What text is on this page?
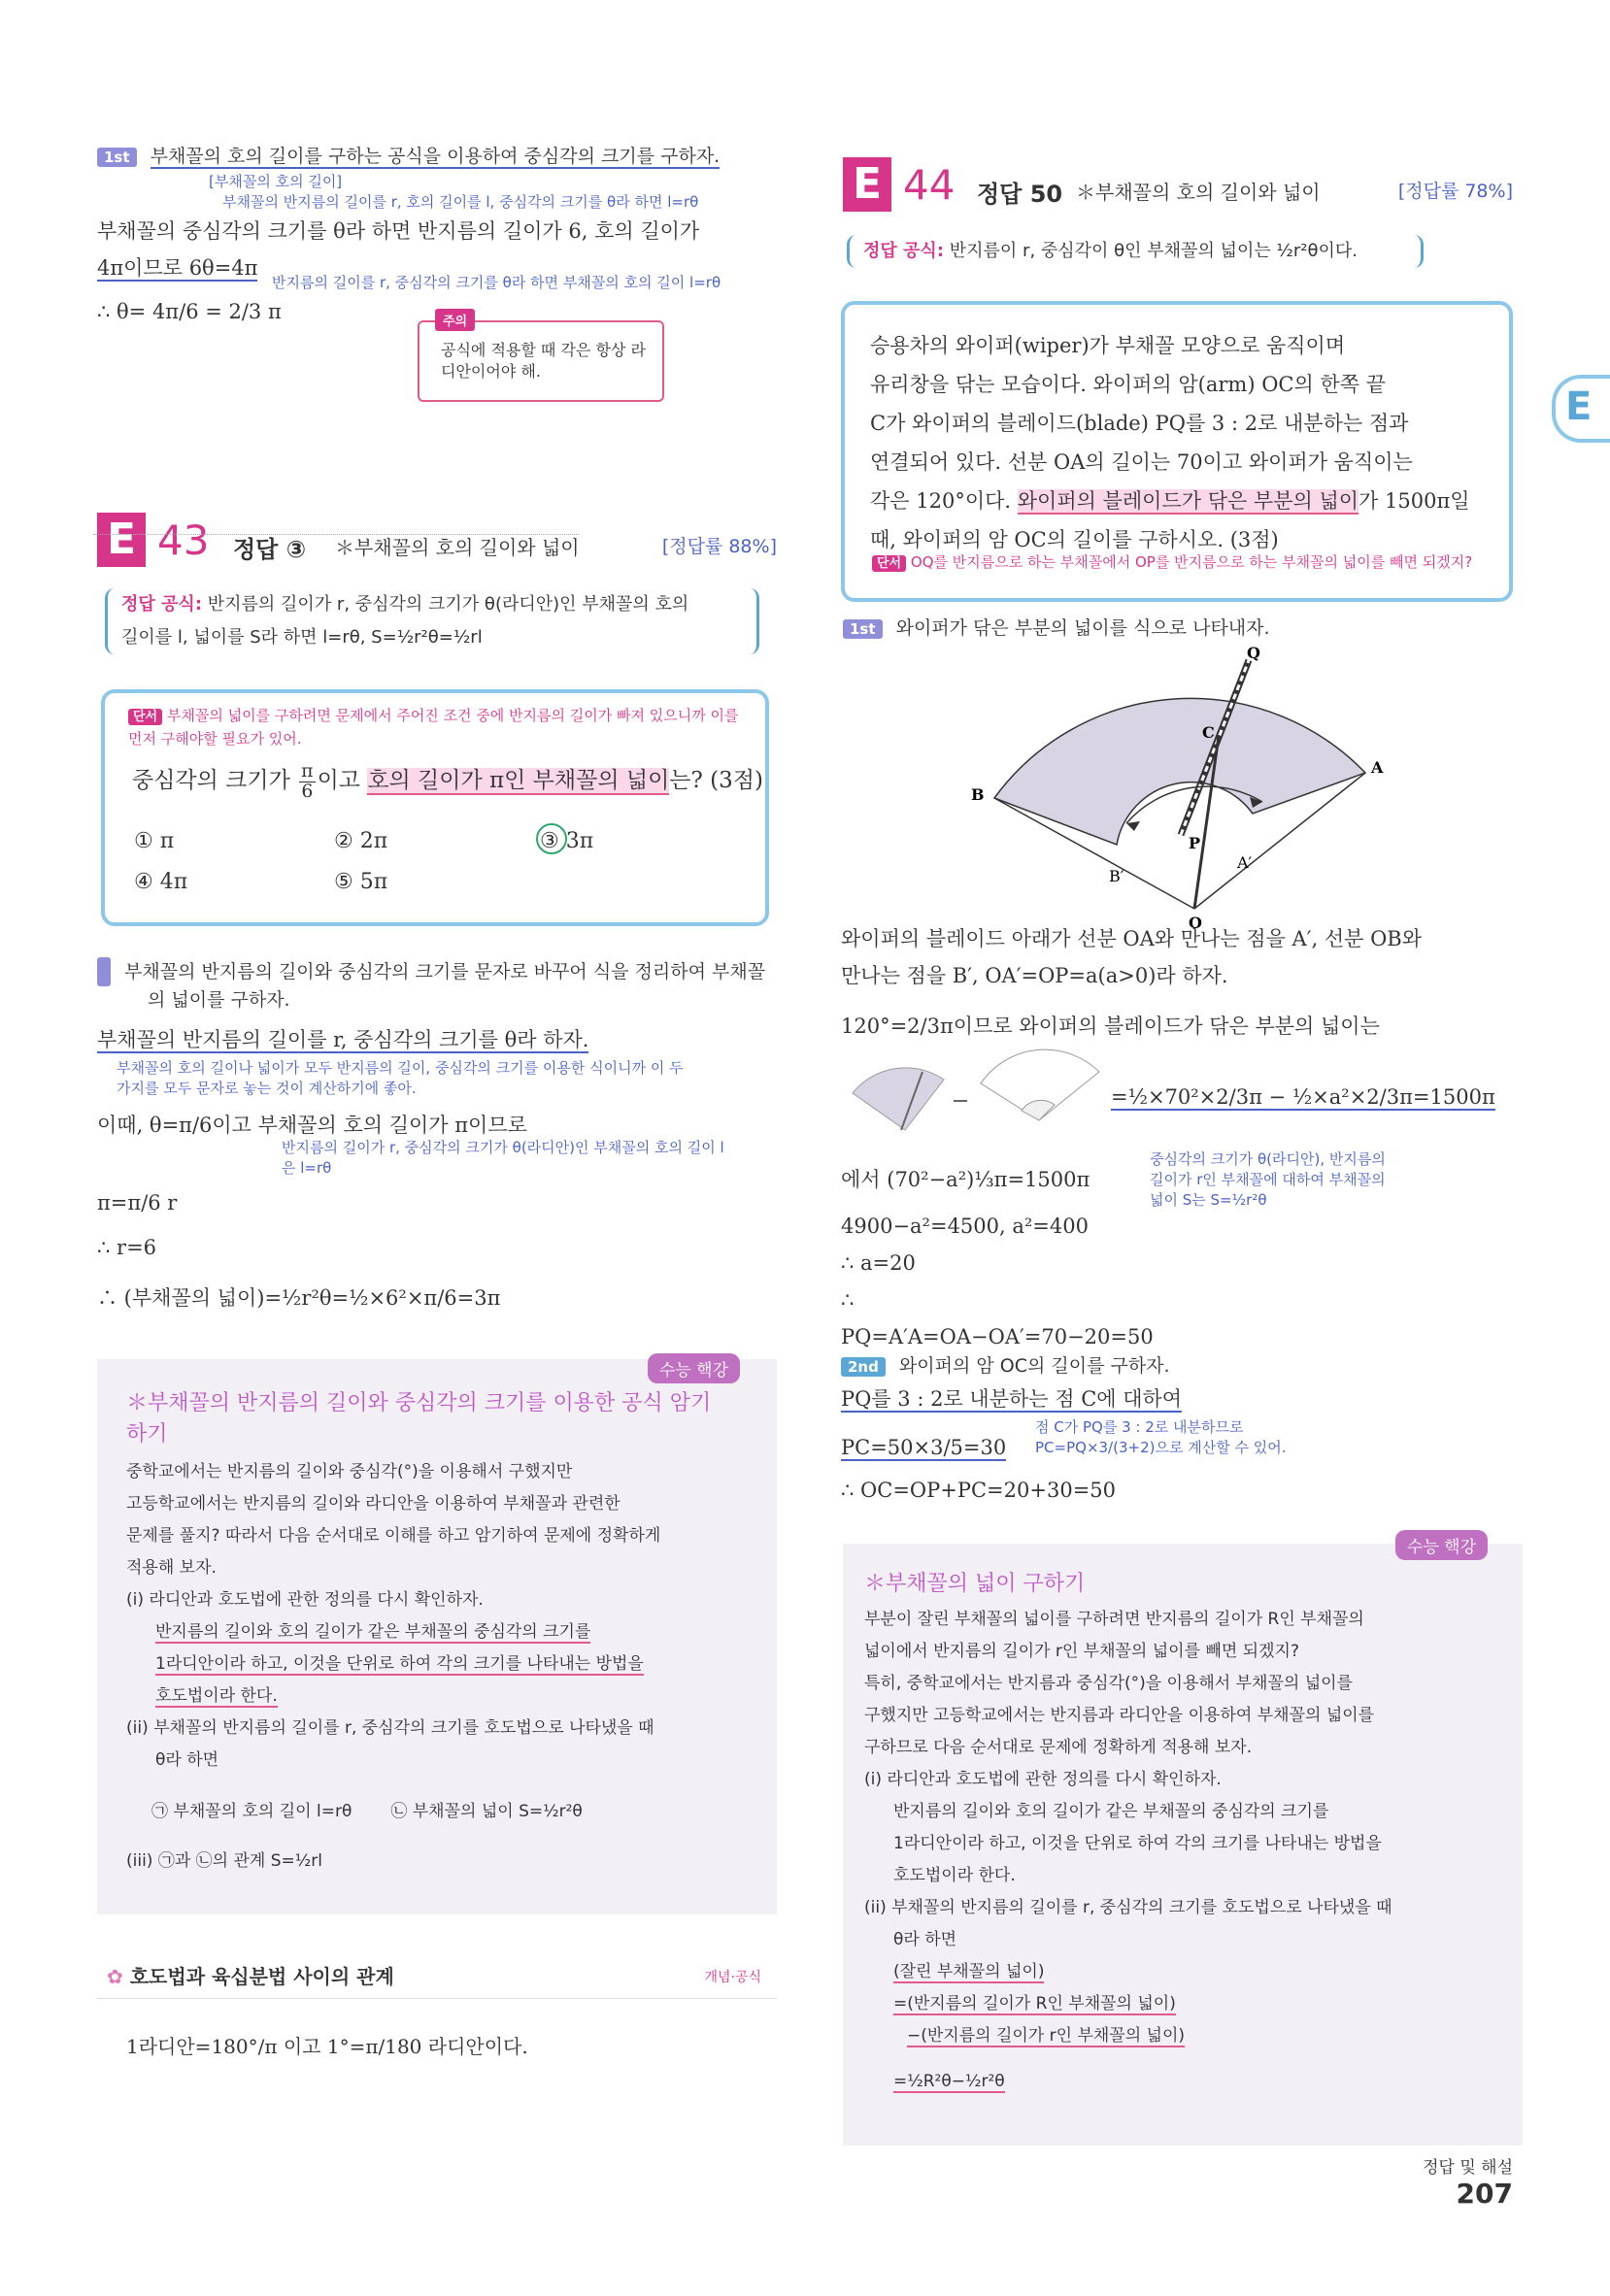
1st 부채꼴의 호의 길이를 구하는 공식을 이용하여 중심각의 크기를 구하자.
[부채꼴의 호의 길이]
부채꼴의 반지름의 길이를 r, 호의 길이를 l, 중심각의 크기를 θ라 하면 l=rθ
부채꼴의 중심각의 크기를 θ라 하면 반지름의 길이가 6, 호의 길이가
4π이므로 6θ=4π
반지름의 길이를 r, 중심각의 크기를 θ라 하면 부채꼴의 호의 길이 l=rθ
∴ θ= 4π/6 = 2/3 π	주의
공식에 적용할 때 각은 항상 라디안이어야 해.
E 43 정답 ③ ＊부채꼴의 호의 길이와 넓이	[정답률 88%]
정답 공식: 반지름의 길이가 r, 중심각의 크기가 θ(라디안)인 부채꼴의 호의
길이를 l, 넓이를 S라 하면 l=rθ, S=½r²θ=½rl
단서 부채꼴의 넓이를 구하려면 문제에서 주어진 조건 중에 반지름의 길이가 빠져 있으니까 이를 먼저 구해야할 필요가 있어.
중심각의 크기가 $\frac{\pi}{6}$ 이고 호의 길이가 π인 부채꼴의 넓이는? (3점)
① π	② 2π	③ 3π
④ 4π	⑤ 5π
1st 부채꼴의 반지름의 길이와 중심각의 크기를 문자로 바꾸어 식을 정리하여 부채꼴의 넓이를 구하자.
부채꼴의 반지름의 길이를 r, 중심각의 크기를 θ라 하자.
부채꼴의 호의 길이나 넓이가 모두 반지름의 길이, 중심각의 크기를 이용한 식이니까 이 두 가지를 모두 문자로 놓는 것이 계산하기에 좋아.
이때, θ=π/6이고 부채꼴의 호의 길이가 π이므로
반지름의 길이가 r, 중심각의 크기가 θ(라디안)인 부채꼴의 호의 길이 l은 l=rθ
π=π/6 r
∴ r=6
∴ (부채꼴의 넓이)=½r²θ=½×6²×π/6=3π
수능 핵강
＊부채꼴의 반지름의 길이와 중심각의 크기를 이용한 공식 암기하기
중학교에서는 반지름의 길이와 중심각(°)을 이용해서 구했지만
고등학교에서는 반지름의 길이와 라디안을 이용하여 부채꼴과 관련한
문제를 풀지? 따라서 다음 순서대로 이해를 하고 암기하여 문제에 정확하게
적용해 보자.
(i) 라디안과 호도법에 관한 정의를 다시 확인하자.
반지름의 길이와 호의 길이가 같은 부채꼴의 중심각의 크기를
1라디안이라 하고, 이것을 단위로 하여 각의 크기를 나타내는 방법을
호도법이라 한다.
(ii) 부채꼴의 반지름의 길이를 r, 중심각의 크기를 호도법으로 나타냈을 때
θ라 하면
㉠ 부채꼴의 호의 길이 l=rθ ㉡ 부채꼴의 넓이 S=½r²θ
(iii) ㉠과 ㉡의 관계 S=½rl
✿ 호도법과 육십분법 사이의 관계	개념·공식
1라디안=180°/π 이고 1°=π/180 라디안이다.
E 44 정답 50 ＊부채꼴의 호의 길이와 넓이	[정답률 78%]
정답 공식: 반지름이 r, 중심각이 θ인 부채꼴의 넓이는 ½r²θ이다.
승용차의 와이퍼(wiper)가 부채꼴 모양으로 움직이며
유리창을 닦는 모습이다. 와이퍼의 암(arm) OC의 한쪽 끝
C가 와이퍼의 블레이드(blade) PQ를 3 : 2로 내분하는 점과
연결되어 있다. 선분 OA의 길이는 70이고 와이퍼가 움직이는
각은 120°이다. 와이퍼의 블레이드가 닦은 부분의 넓이가 1500π일
때, 와이퍼의 암 OC의 길이를 구하시오. (3점)
단서 OQ를 반지름으로 하는 부채꼴에서 OP를 반지름으로 하는 부채꼴의 넓이를 빼면 되겠지?
E
1st 와이퍼가 닦은 부분의 넓이를 식으로 나타내자.
Q
C
A
B
P
A′
B′
O
와이퍼의 블레이드 아래가 선분 OA와 만나는 점을 A′, 선분 OB와
만나는 점을 B′, OA′=OP=a(a>0)라 하자.
120°=2/3π이므로 와이퍼의 블레이드가 닦은 부분의 넓이는
=½×70²×2/3π − ½×a²×2/3π=1500π
중심각의 크기가 θ(라디안), 반지름의 길이가 r인 부채꼴에 대하여 부채꼴의 넓이 S는 S=½r²θ
에서 (70²−a²)⅓π=1500π
4900−a²=4500, a²=400
∴ a=20
∴ PQ=A′A=OA−OA′=70−20=50
2nd 와이퍼의 암 OC의 길이를 구하자.
PQ를 3 : 2로 내분하는 점 C에 대하여
점 C가 PQ를 3 : 2로 내분하므로 PC=PQ×3/(3+2)으로 계산할 수 있어.
PC=50×3/5=30
∴ OC=OP+PC=20+30=50
수능 핵강
＊부채꼴의 넓이 구하기
부분이 잘린 부채꼴의 넓이를 구하려면 반지름의 길이가 R인 부채꼴의
넓이에서 반지름의 길이가 r인 부채꼴의 넓이를 빼면 되겠지?
특히, 중학교에서는 반지름과 중심각(°)을 이용해서 부채꼴의 넓이를
구했지만 고등학교에서는 반지름과 라디안을 이용하여 부채꼴의 넓이를
구하므로 다음 순서대로 문제에 정확하게 적용해 보자.
(i) 라디안과 호도법에 관한 정의를 다시 확인하자.
반지름의 길이와 호의 길이가 같은 부채꼴의 중심각의 크기를
1라디안이라 하고, 이것을 단위로 하여 각의 크기를 나타내는 방법을
호도법이라 한다.
(ii) 부채꼴의 반지름의 길이를 r, 중심각의 크기를 호도법으로 나타냈을 때
θ라 하면
(잘린 부채꼴의 넓이)
=(반지름의 길이가 R인 부채꼴의 넓이)
−(반지름의 길이가 r인 부채꼴의 넓이)
=½R²θ−½r²θ
정답 및 해설 207
